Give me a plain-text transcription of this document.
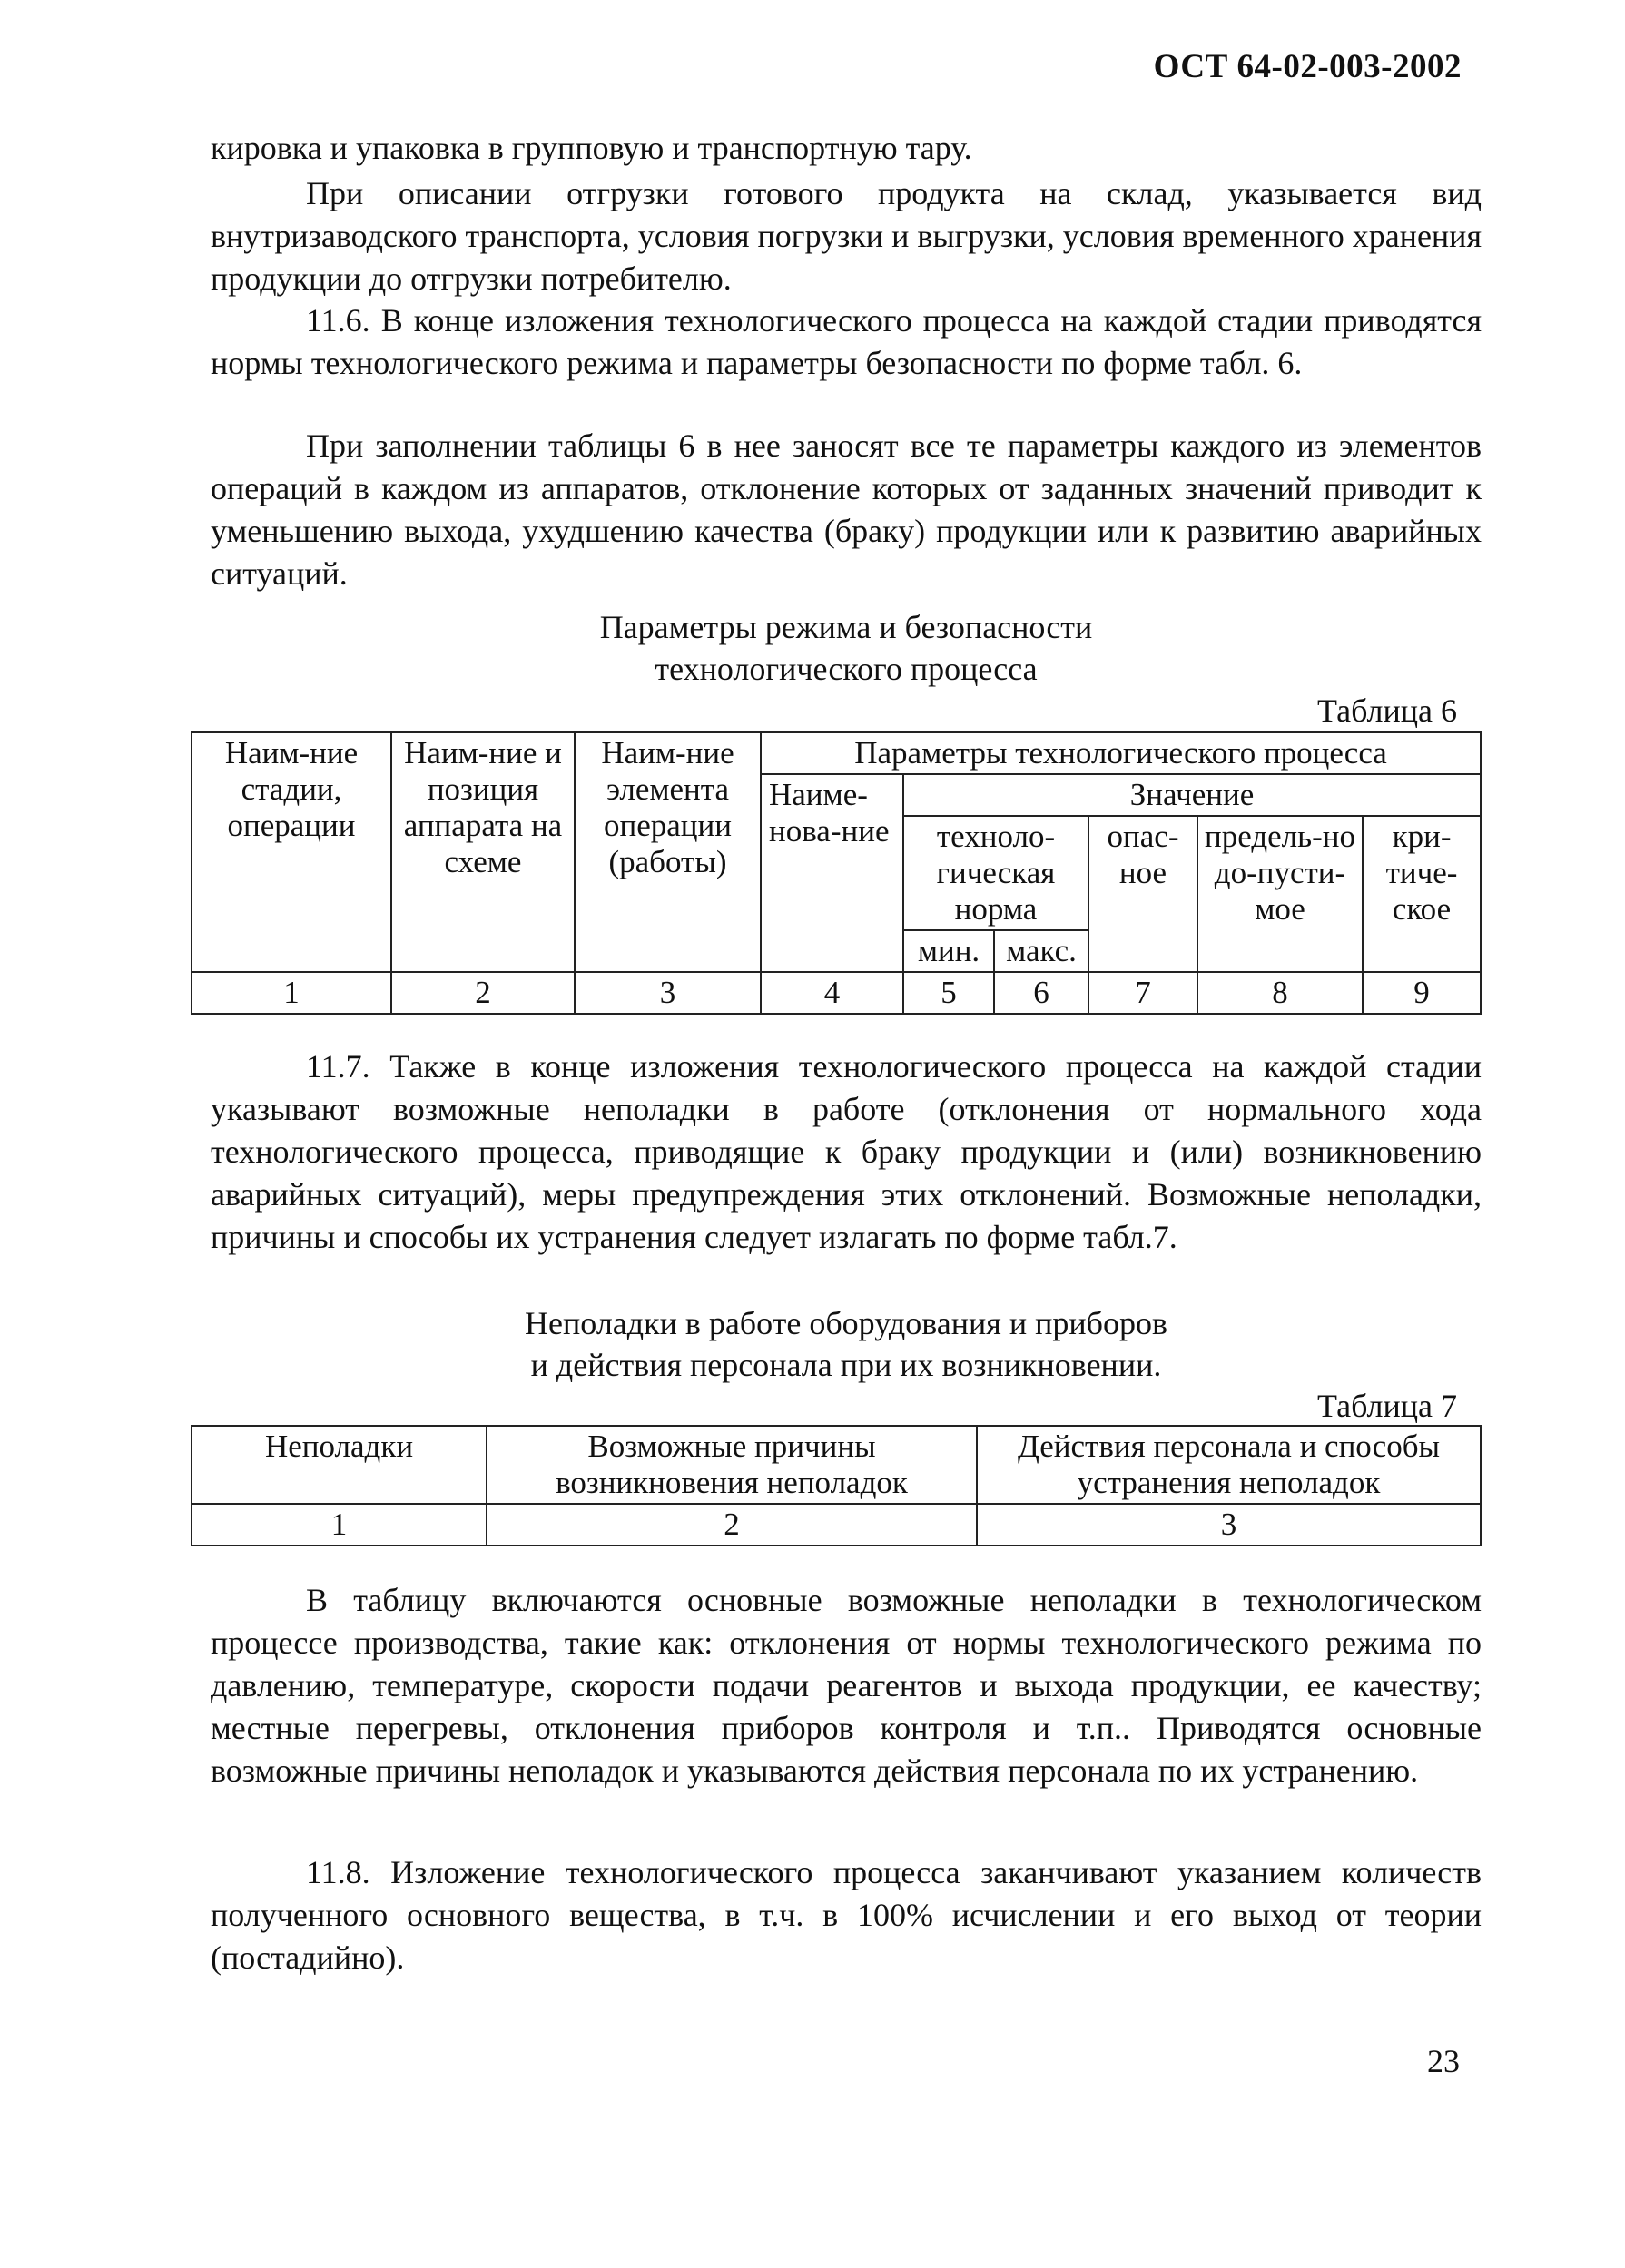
ОСТ 64-02-003-2002

кировка и упаковка в групповую и транспортную тару.

При описании отгрузки готового продукта на склад, указывается вид внутризаводского транспорта, условия погрузки и выгрузки, условия временного хранения продукции до отгрузки потребителю.

11.6. В конце изложения технологического процесса на каждой стадии приводятся нормы технологического режима и параметры безопасности по форме табл. 6.

При заполнении таблицы 6 в нее заносят все те параметры каждого из элементов операций в каждом из аппаратов, отклонение которых от заданных значений приводит к уменьшению выхода, ухудшению качества (браку) продукции или к развитию аварийных ситуаций.

Параметры режима и безопасности
технологического процесса
Таблица 6
Наим-ние стадии, операции	Наим-ние и позиция аппарата на схеме	Наим-ние элемента операции (работы)	Параметры технологического процесса					
			Наиме-нова-ние	Значение				
				техноло-гическая норма		опас-ное	предель-но до-пусти-мое	кри-тиче-ское
				мин.	макс.			
1	2	3	4	5	6	7	8	9

11.7. Также в конце изложения технологического процесса на каждой стадии указывают возможные неполадки в работе (отклонения от нормального хода технологического процесса, приводящие к браку продукции и (или) возникновению аварийных ситуаций), меры предупреждения этих отклонений. Возможные неполадки, причины и способы их устранения следует излагать по форме табл.7.

Неполадки в работе оборудования и приборов
и действия персонала при их возникновении.
Таблица 7
Неполадки	Возможные причины возникновения неполадок	Действия персонала и способы устранения неполадок
1	2	3

В таблицу включаются основные возможные неполадки в технологическом процессе производства, такие как: отклонения от нормы технологического режима по давлению, температуре, скорости подачи реагентов и выхода продукции, ее качеству; местные перегревы, отклонения приборов контроля и т.п.. Приводятся основные возможные причины неполадок и указываются действия персонала по их устранению.

11.8. Изложение технологического процесса заканчивают указанием количеств полученного основного вещества, в т.ч. в 100% исчислении и его выход от теории (постадийно).

23
